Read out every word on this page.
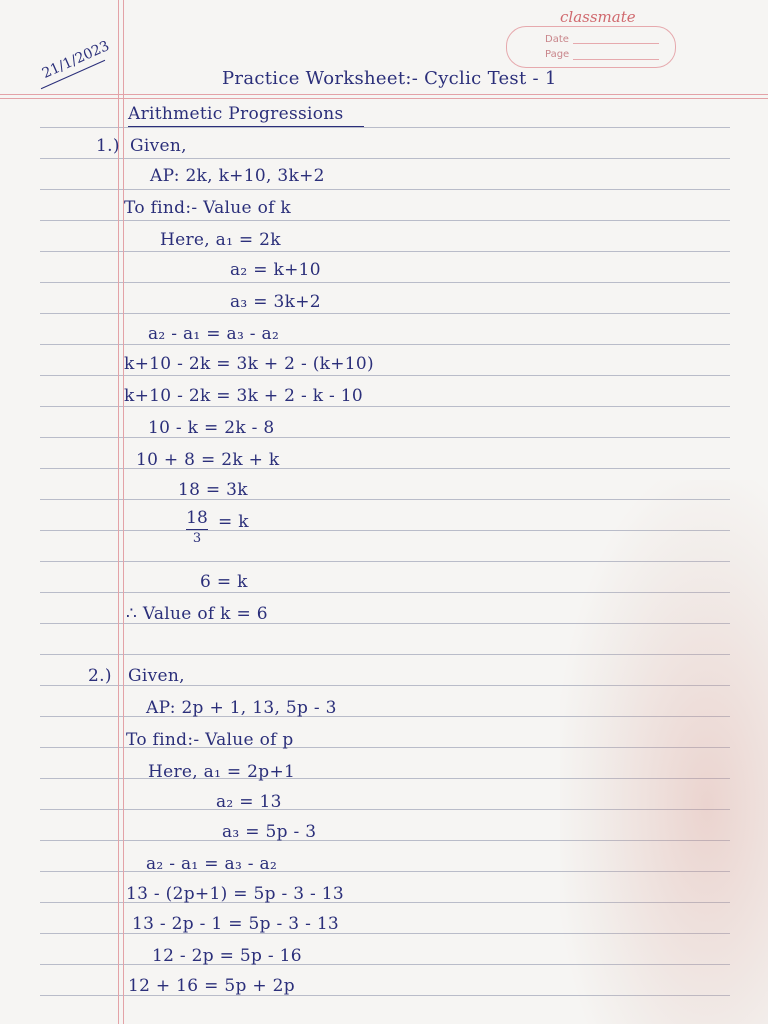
classmate
Date
Page
21/1/2023	Practice Worksheet:- Cyclic Test - 1
Arithmetic Progressions
1.) Given,
AP: 2k, k+10, 3k+2
To find:- Value of k
Here, a₁ = 2k
a₂ = k+10
a₃ = 3k+2
a₂ - a₁ = a₃ - a₂
k+10 - 2k = 3k + 2 - (k+10)
k+10 - 2k = 3k + 2 - k - 10
10 - k = 2k - 8
10 + 8 = 2k + k
18 = 3k
18
3
= k
6 = k
∴ Value of k = 6
2.) Given,
AP: 2p + 1, 13, 5p - 3
To find:- Value of p
Here, a₁ = 2p+1
a₂ = 13
a₃ = 5p - 3
a₂ - a₁ = a₃ - a₂
13 - (2p+1) = 5p - 3 - 13
13 - 2p - 1 = 5p - 3 - 13
12 - 2p = 5p - 16
12 + 16 = 5p + 2p
